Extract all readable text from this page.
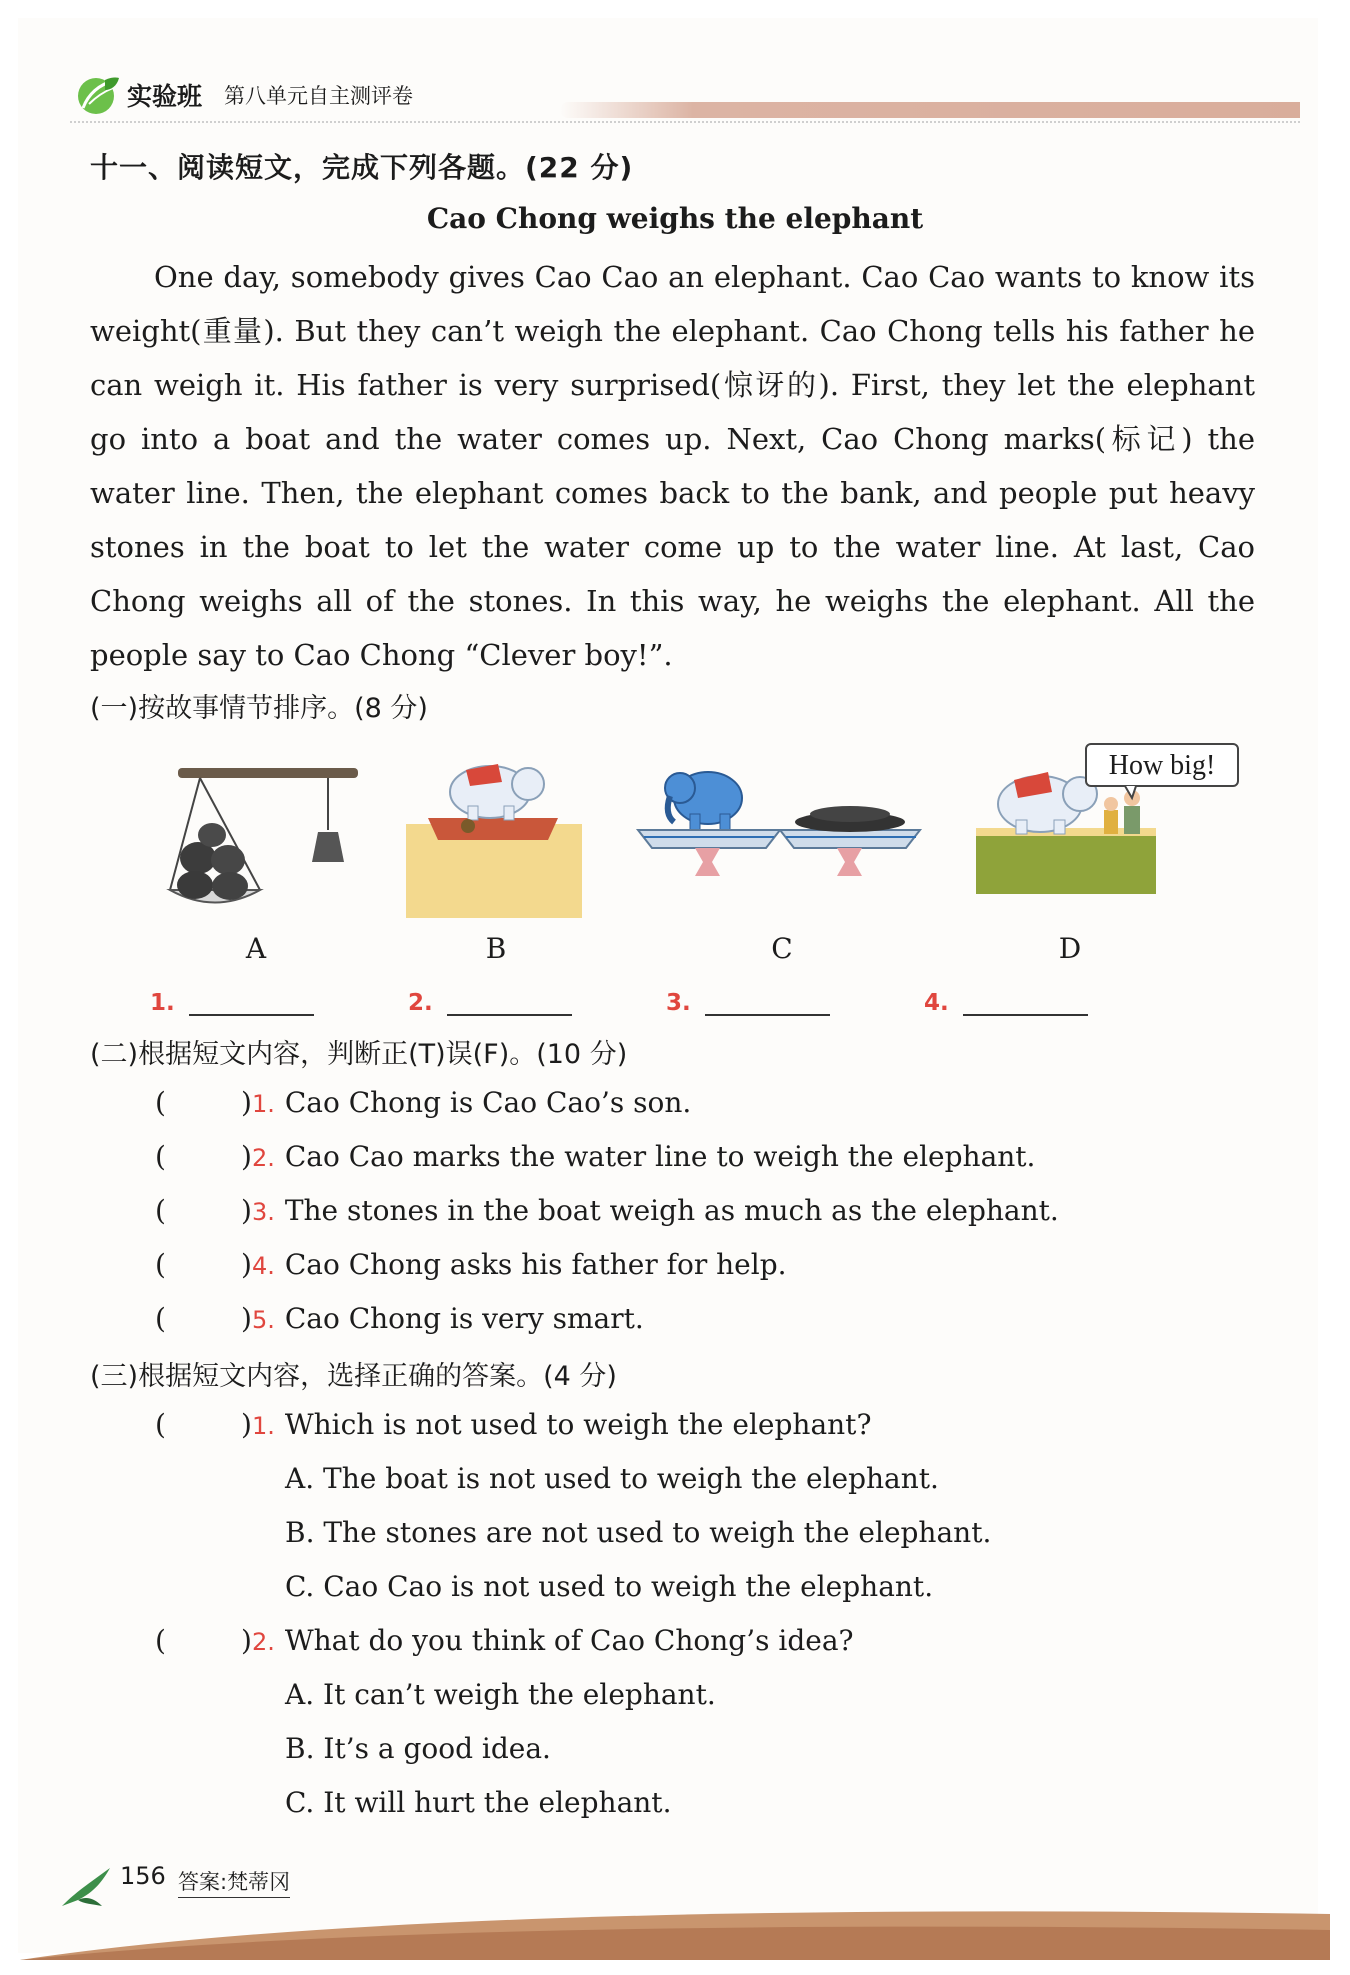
实验班 第八单元自主测评卷
十一、阅读短文，完成下列各题。(22 分)
Cao Chong weighs the elephant

One day, somebody gives Cao Cao an elephant. Cao Cao wants to know its weight(重量). But they can’t weigh the elephant. Cao Chong tells his father he can weigh it. His father is very surprised(惊讶的). First, they let the elephant go into a boat and the water comes up. Next, Cao Chong marks(标记) the water line. Then, the elephant comes back to the bank, and people put heavy stones in the boat to let the water come up to the water line. At last, Cao Chong weighs all of the stones. In this way, he weighs the elephant. All the people say to Cao Chong “Clever boy!”.

(一)按故事情节排序。(8 分)
How big!
A	B	C	D
1.	2.	3.	4.
(二)根据短文内容，判断正(T)误(F)。(10 分)
(	) 1. Cao Chong is Cao Cao’s son.
(	) 2. Cao Cao marks the water line to weigh the elephant.
(	) 3. The stones in the boat weigh as much as the elephant.
(	) 4. Cao Chong asks his father for help.
(	) 5. Cao Chong is very smart.
(三)根据短文内容，选择正确的答案。(4 分)
(	) 1. Which is not used to weigh the elephant?
A. The boat is not used to weigh the elephant.
B. The stones are not used to weigh the elephant.
C. Cao Cao is not used to weigh the elephant.
(	) 2. What do you think of Cao Chong’s idea?
A. It can’t weigh the elephant.
B. It’s a good idea.
C. It will hurt the elephant.
156 答案:梵蒂冈
